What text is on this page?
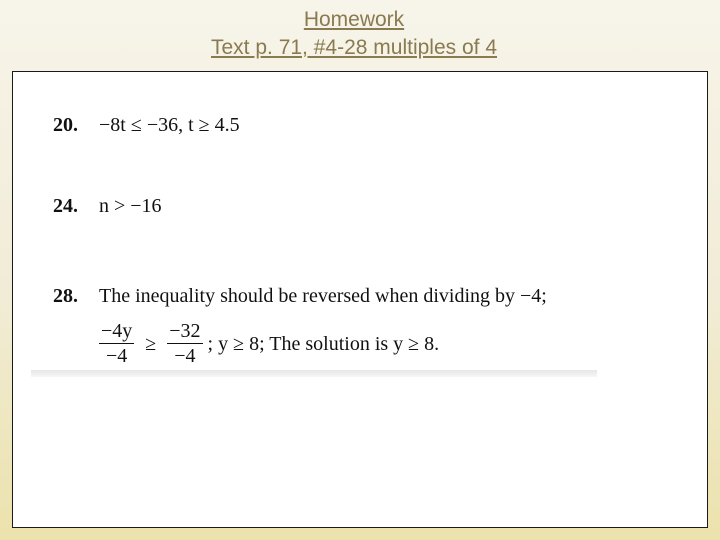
Homework
Text p. 71, #4-28 multiples of 4
20. −8t ≤ −36, t ≥ 4.5
24. n > −16
28. The inequality should be reversed when dividing by −4;
$\frac{-4y}{-4} \ge \frac{-32}{-4}$ ; y ≥ 8; The solution is y ≥ 8.
